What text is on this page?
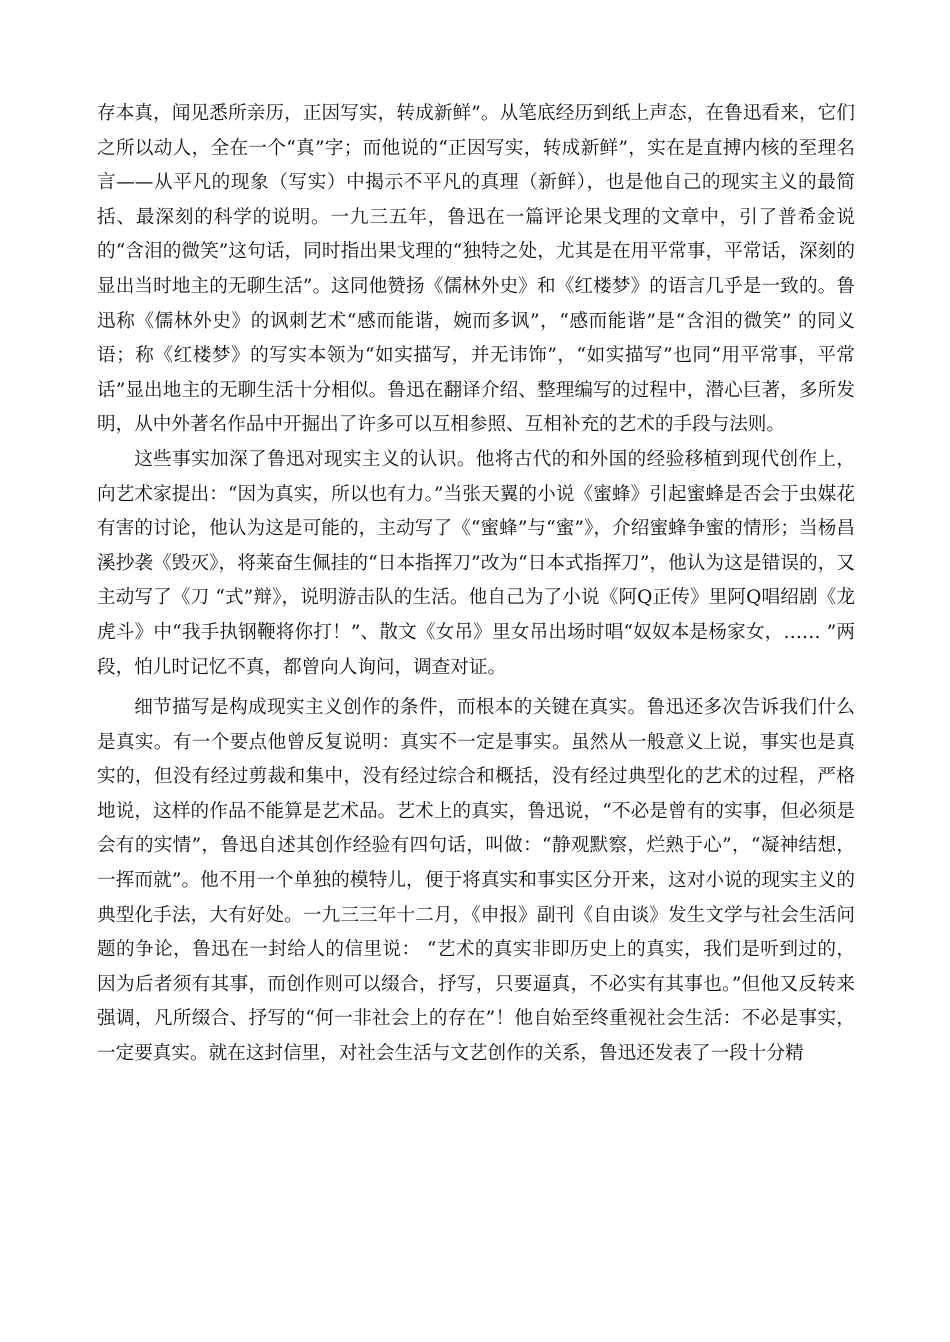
存本真，闻见悉所亲历，正因写实，转成新鲜”。从笔底经历到纸上声态，在鲁迅看来，它们之所以动人，全在一个“真”字；而他说的“正因写实，转成新鲜”，实在是直搏内核的至理名言——从平凡的现象（写实）中揭示不平凡的真理（新鲜），也是他自己的现实主义的最简括、最深刻的科学的说明。一九三五年，鲁迅在一篇评论果戈理的文章中，引了普希金说的“含泪的微笑”这句话，同时指出果戈理的“独特之处，尤其是在用平常事，平常话，深刻的显出当时地主的无聊生活”。这同他赞扬《儒林外史》和《红楼梦》的语言几乎是一致的。鲁迅称《儒林外史》的讽刺艺术“感而能谐，婉而多讽”，“感而能谐”是“含泪的微笑” 的同义语；称《红楼梦》的写实本领为“如实描写，并无讳饰”，“如实描写”也同“用平常事，平常话”显出地主的无聊生活十分相似。鲁迅在翻译介绍、整理编写的过程中，潜心巨著，多所发明，从中外著名作品中开掘出了许多可以互相参照、互相补充的艺术的手段与法则。

这些事实加深了鲁迅对现实主义的认识。他将古代的和外国的经验移植到现代创作上，向艺术家提出：“因为真实，所以也有力。”当张天翼的小说《蜜蜂》引起蜜蜂是否会于虫媒花有害的讨论，他认为这是可能的，主动写了《“蜜蜂”与“蜜”》，介绍蜜蜂争蜜的情形；当杨昌溪抄袭《毁灭》，将莱奋生佩挂的“日本指挥刀”改为“日本式指挥刀”，他认为这是错误的，又主动写了《刀 “式”辩》，说明游击队的生活。他自己为了小说《阿Q正传》里阿Q唱绍剧《龙虎斗》中“我手执钢鞭将你打！”、散文《女吊》里女吊出场时唱“奴奴本是杨家女，…… ”两段，怕儿时记忆不真，都曾向人询问，调查对证。

细节描写是构成现实主义创作的条件，而根本的关键在真实。鲁迅还多次告诉我们什么是真实。有一个要点他曾反复说明：真实不一定是事实。虽然从一般意义上说，事实也是真实的，但没有经过剪裁和集中，没有经过综合和概括，没有经过典型化的艺术的过程，严格地说，这样的作品不能算是艺术品。艺术上的真实，鲁迅说，“不必是曾有的实事，但必须是会有的实情”，鲁迅自述其创作经验有四句话，叫做：“静观默察，烂熟于心”，“凝神结想， 一挥而就”。他不用一个单独的模特儿，便于将真实和事实区分开来，这对小说的现实主义的典型化手法，大有好处。一九三三年十二月，《申报》副刊《自由谈》发生文学与社会生活问题的争论，鲁迅在一封给人的信里说： “艺术的真实非即历史上的真实，我们是听到过的，因为后者须有其事，而创作则可以缀合，抒写，只要逼真，不必实有其事也。”但他又反转来强调，凡所缀合、抒写的“何一非社会上的存在”！他自始至终重视社会生活：不必是事实，一定要真实。就在这封信里，对社会生活与文艺创作的关系，鲁迅还发表了一段十分精
